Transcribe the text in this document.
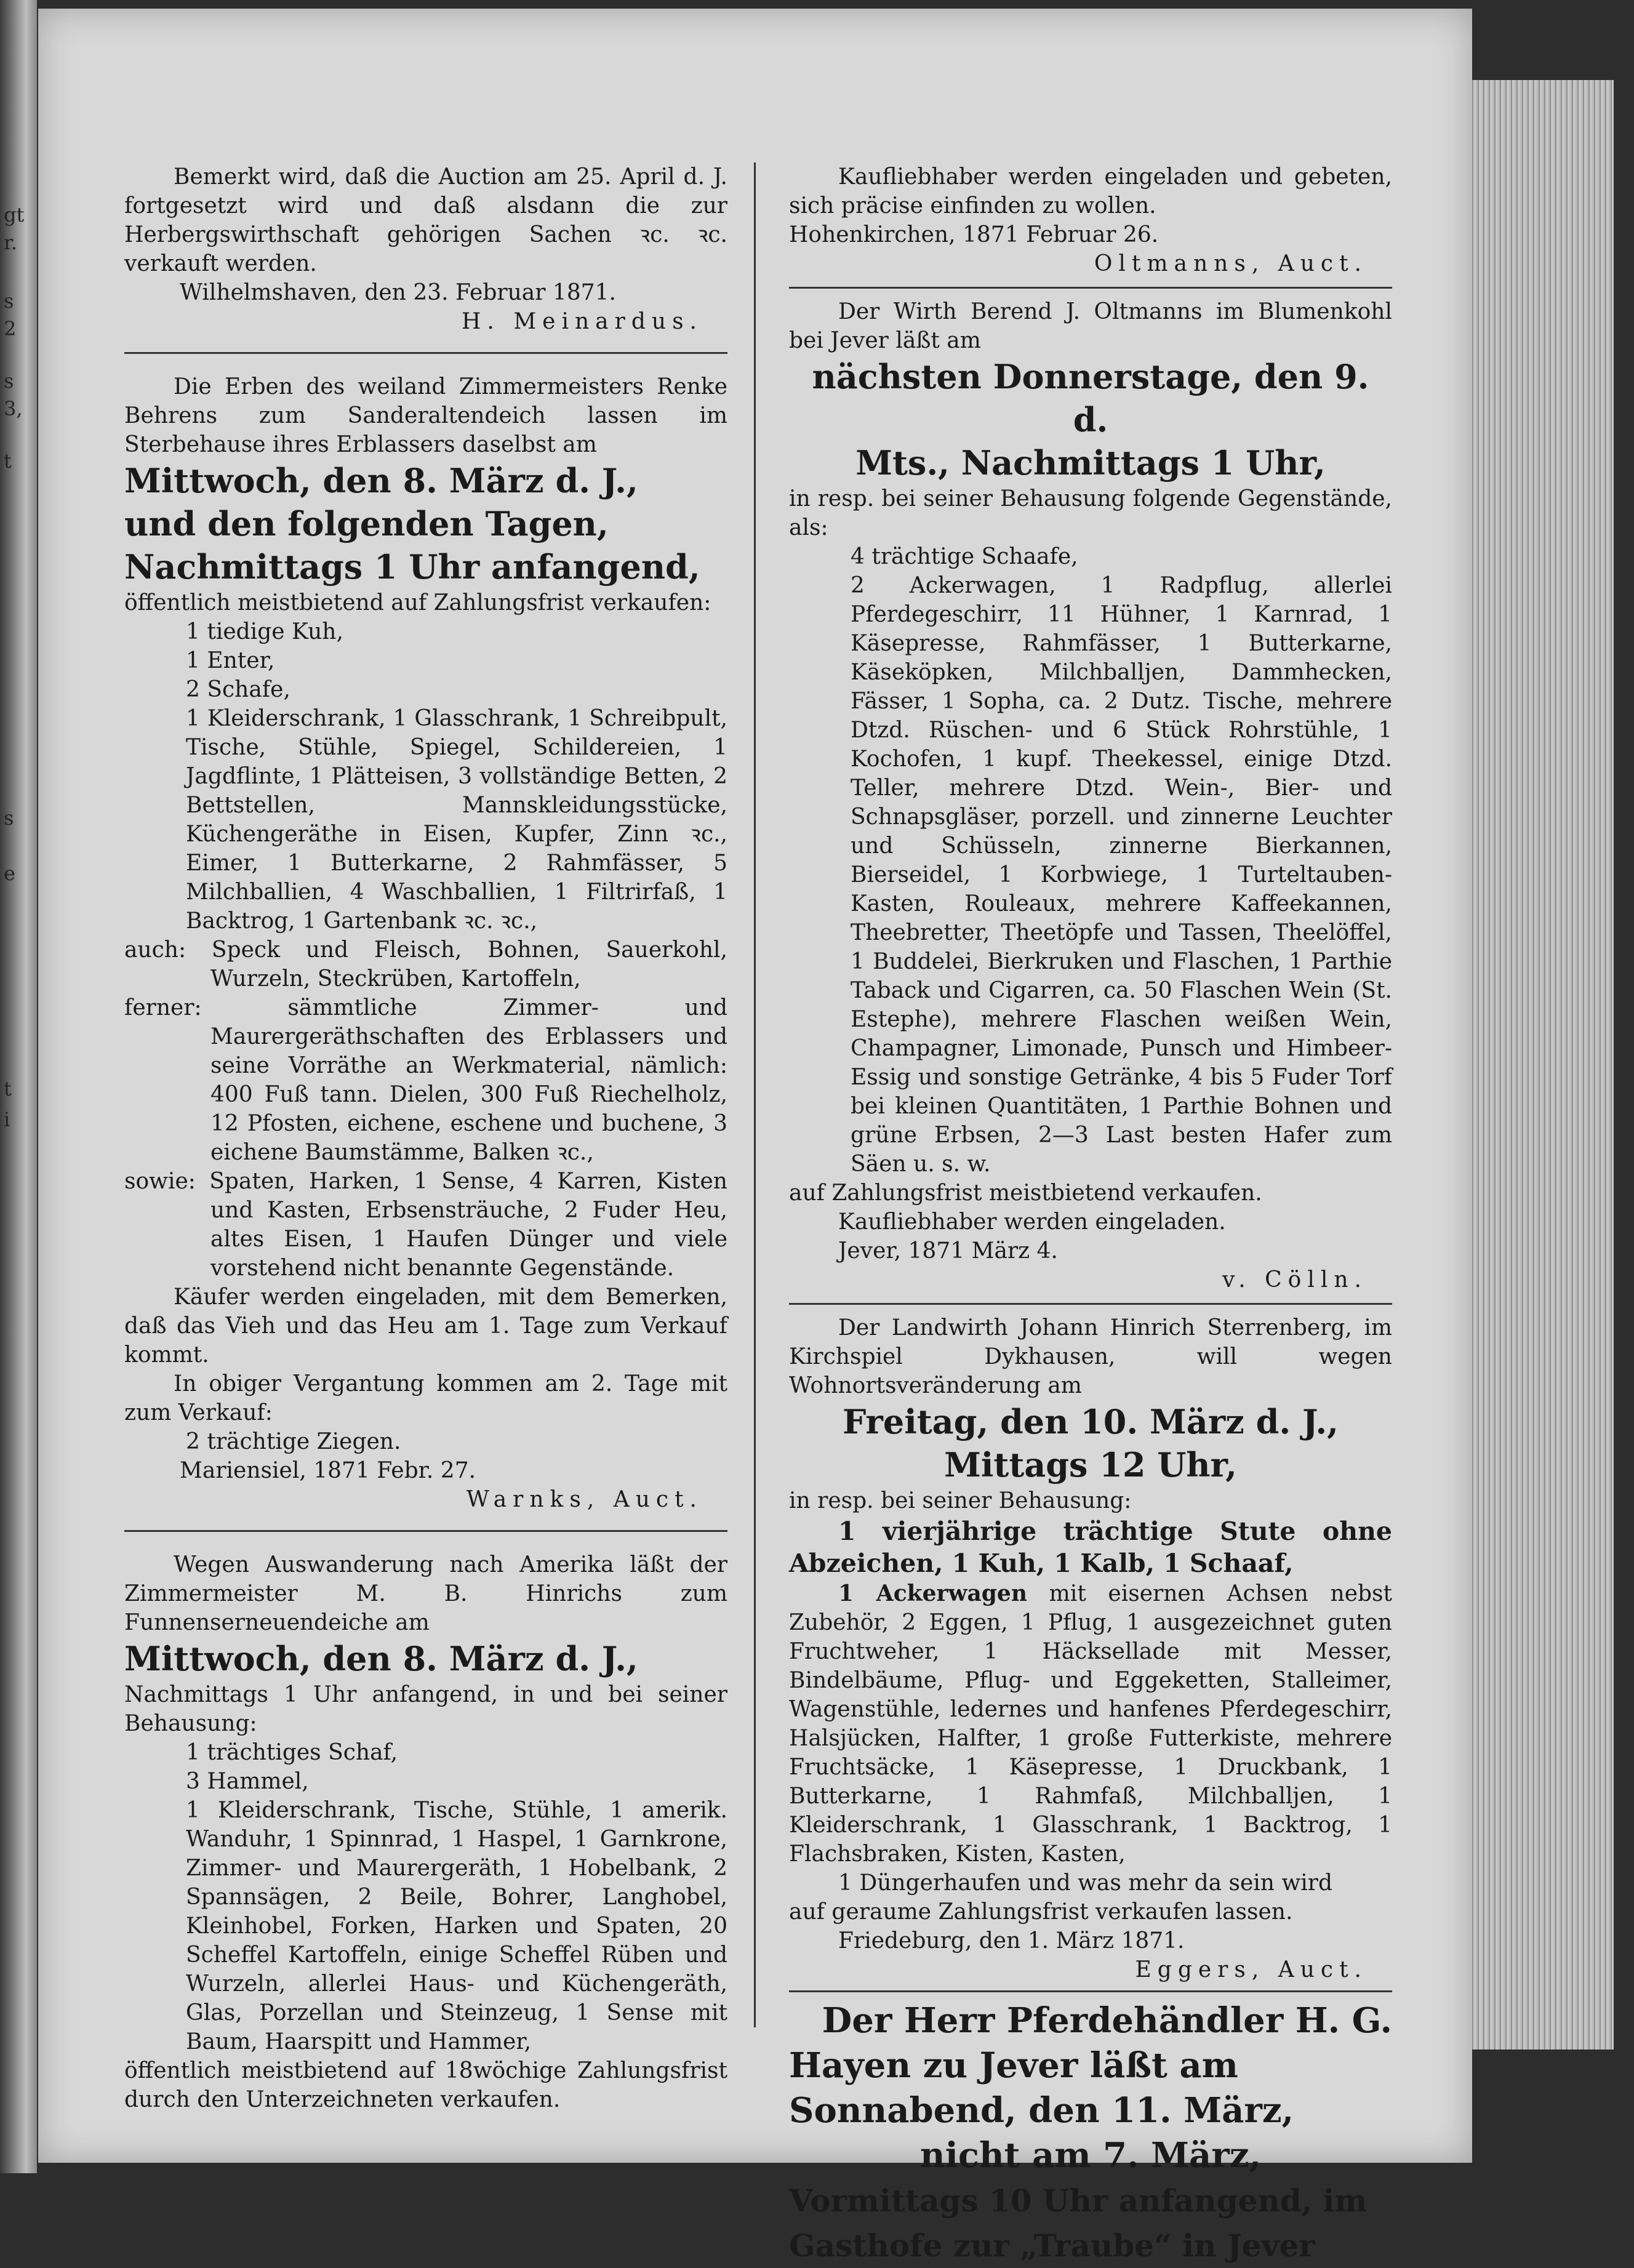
gt
r.
s
2
s
3,
t
s
e
t
i

Bemerkt wird, daß die Auction am 25. April d. J. fortgesetzt wird und daß alsdann die zur Herbergswirthschaft gehörigen Sachen ꝛc. ꝛc. verkauft werden.

Wilhelmshaven, den 23. Februar 1871.

H. Meinardus.

Die Erben des weiland Zimmermeisters Renke Behrens zum Sanderaltendeich lassen im Sterbehause ihres Erblassers daselbst am

Mittwoch, den 8. März d. J.,

und den folgenden Tagen,

Nachmittags 1 Uhr anfangend,

öffentlich meistbietend auf Zahlungsfrist verkaufen:

1 tiedige Kuh,

1 Enter,

2 Schafe,

1 Kleiderschrank, 1 Glasschrank, 1 Schreibpult, Tische, Stühle, Spiegel, Schildereien, 1 Jagdflinte, 1 Plätteisen, 3 vollständige Betten, 2 Bettstellen, Mannskleidungsstücke, Küchengeräthe in Eisen, Kupfer, Zinn ꝛc., Eimer, 1 Butterkarne, 2 Rahmfässer, 5 Milchballien, 4 Waschballien, 1 Filtrirfaß, 1 Backtrog, 1 Gartenbank ꝛc. ꝛc.,

auch: Speck und Fleisch, Bohnen, Sauerkohl, Wurzeln, Steckrüben, Kartoffeln,

ferner:	sämmtliche Zimmer- und Maurergeräthschaften des Erblassers und seine Vorräthe an Werkmaterial, nämlich: 400 Fuß tann. Dielen, 300 Fuß Riechelholz, 12 Pfosten, eichene, eschene und buchene, 3 eichene Baumstämme, Balken ꝛc.,

sowie: Spaten, Harken, 1 Sense, 4 Karren, Kisten und Kasten, Erbsensträuche, 2 Fuder Heu, altes Eisen, 1 Haufen Dünger und viele vorstehend nicht benannte Gegenstände.

Käufer werden eingeladen, mit dem Bemerken, daß das Vieh und das Heu am 1. Tage zum Verkauf kommt.

In obiger Vergantung kommen am 2. Tage mit zum Verkauf:

2 trächtige Ziegen.

Mariensiel, 1871 Febr. 27.

Warnks, Auct.

Wegen Auswanderung nach Amerika läßt der Zimmermeister M. B. Hinrichs zum Funnenserneuendeiche am

Mittwoch, den 8. März d. J.,

Nachmittags 1 Uhr anfangend, in und bei seiner Behausung:

1 trächtiges Schaf,

3 Hammel,

1 Kleiderschrank, Tische, Stühle, 1 amerik. Wanduhr, 1 Spinnrad, 1 Haspel, 1 Garnkrone, Zimmer- und Maurergeräth, 1 Hobelbank, 2 Spannsägen, 2 Beile, Bohrer, Langhobel, Kleinhobel, Forken, Harken und Spaten, 20 Scheffel Kartoffeln, einige Scheffel Rüben und Wurzeln, allerlei Haus- und Küchengeräth, Glas, Porzellan und Steinzeug, 1 Sense mit Baum, Haarspitt und Hammer,

öffentlich meistbietend auf 18wöchige Zahlungsfrist durch den Unterzeichneten verkaufen.

Kaufliebhaber werden eingeladen und gebeten, sich präcise einfinden zu wollen.

Hohenkirchen, 1871 Februar 26.

Oltmanns, Auct.

Der Wirth Berend J. Oltmanns im Blumenkohl bei Jever läßt am

nächsten Donnerstage, den 9. d.

Mts., Nachmittags 1 Uhr,

in resp. bei seiner Behausung folgende Gegenstände, als:

4 trächtige Schaafe,

2 Ackerwagen, 1 Radpflug, allerlei Pferdegeschirr, 11 Hühner, 1 Karnrad, 1 Käsepresse, Rahmfässer, 1 Butterkarne, Käseköpken, Milchballjen, Dammhecken, Fässer, 1 Sopha, ca. 2 Dutz. Tische, mehrere Dtzd. Rüschen- und 6 Stück Rohrstühle, 1 Kochofen, 1 kupf. Theekessel, einige Dtzd. Teller, mehrere Dtzd. Wein-, Bier- und Schnapsgläser, porzell. und zinnerne Leuchter und Schüsseln, zinnerne Bierkannen, Bierseidel, 1 Korbwiege, 1 Turteltauben-Kasten, Rouleaux, mehrere Kaffeekannen, Theebretter, Theetöpfe und Tassen, Theelöffel, 1 Buddelei, Bierkruken und Flaschen, 1 Parthie Taback und Cigarren, ca. 50 Flaschen Wein (St. Estephe), mehrere Flaschen weißen Wein, Champagner, Limonade, Punsch und Himbeer-Essig und sonstige Getränke, 4 bis 5 Fuder Torf bei kleinen Quantitäten, 1 Parthie Bohnen und grüne Erbsen, 2—3 Last besten Hafer zum Säen u. s. w.

auf Zahlungsfrist meistbietend verkaufen.

Kaufliebhaber werden eingeladen.

Jever, 1871 März 4.

v. Cölln.

Der Landwirth Johann Hinrich Sterrenberg, im Kirchspiel Dykhausen, will wegen Wohnortsveränderung am

Freitag, den 10. März d. J.,

Mittags 12 Uhr,

in resp. bei seiner Behausung:

1 vierjährige trächtige Stute ohne Abzeichen, 1 Kuh, 1 Kalb, 1 Schaaf,

1 Ackerwagen mit eisernen Achsen nebst Zubehör, 2 Eggen, 1 Pflug, 1 ausgezeichnet guten Fruchtweher, 1 Häcksellade mit Messer, Bindelbäume, Pflug- und Eggeketten, Stalleimer, Wagenstühle, ledernes und hanfenes Pferdegeschirr, Halsjücken, Halfter, 1 große Futterkiste, mehrere Fruchtsäcke, 1 Käsepresse, 1 Druckbank, 1 Butterkarne, 1 Rahmfaß, Milchballjen, 1 Kleiderschrank, 1 Glasschrank, 1 Backtrog, 1 Flachsbraken, Kisten, Kasten,

1 Düngerhaufen und was mehr da sein wird

auf geraume Zahlungsfrist verkaufen lassen.

Friedeburg, den 1. März 1871.

Eggers, Auct.

Der Herr Pferdehändler H. G.

Hayen zu Jever läßt am

Sonnabend, den 11. März,

nicht am 7. März,

Vormittags 10 Uhr anfangend, im

Gasthofe zur „Traube“ in Jever
